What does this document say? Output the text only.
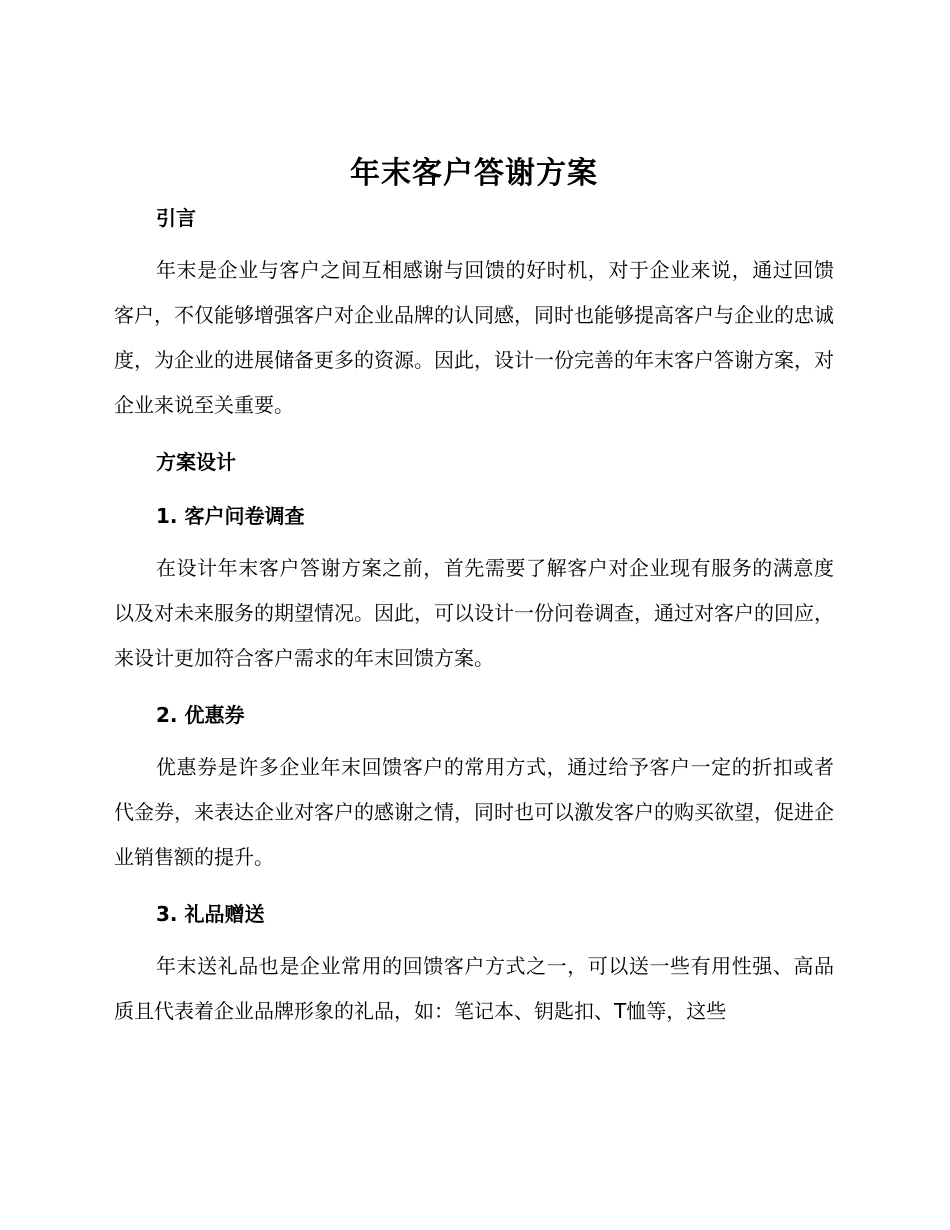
年末客户答谢方案
引言

年末是企业与客户之间互相感谢与回馈的好时机，对于企业来说，通过回馈客户，不仅能够增强客户对企业品牌的认同感，同时也能够提高客户与企业的忠诚度，为企业的进展储备更多的资源。因此，设计一份完善的年末客户答谢方案，对企业来说至关重要。

方案设计
1. 客户问卷调查

在设计年末客户答谢方案之前，首先需要了解客户对企业现有服务的满意度以及对未来服务的期望情况。因此，可以设计一份问卷调查，通过对客户的回应，来设计更加符合客户需求的年末回馈方案。

2. 优惠券

优惠券是许多企业年末回馈客户的常用方式，通过给予客户一定的折扣或者代金券，来表达企业对客户的感谢之情，同时也可以激发客户的购买欲望，促进企业销售额的提升。

3. 礼品赠送

年末送礼品也是企业常用的回馈客户方式之一，可以送一些有用性强、高品质且代表着企业品牌形象的礼品，如：笔记本、钥匙扣、T恤等，这些
